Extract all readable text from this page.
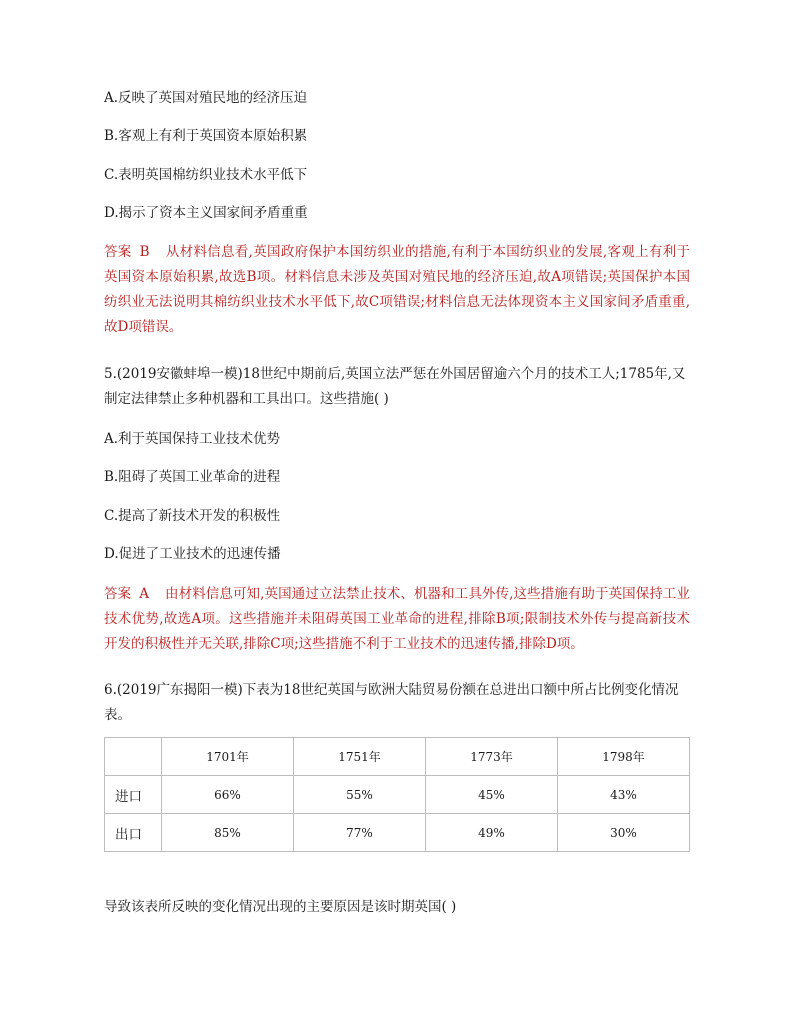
A.反映了英国对殖民地的经济压迫
B.客观上有利于英国资本原始积累
C.表明英国棉纺织业技术水平低下
D.揭示了资本主义国家间矛盾重重
答案 B 从材料信息看,英国政府保护本国纺织业的措施,有利于本国纺织业的发展,客观上有利于英国资本原始积累,故选B项。材料信息未涉及英国对殖民地的经济压迫,故A项错误;英国保护本国纺织业无法说明其棉纺织业技术水平低下,故C项错误;材料信息无法体现资本主义国家间矛盾重重,故D项错误。
5.(2019安徽蚌埠一模)18世纪中期前后,英国立法严惩在外国居留逾六个月的技术工人;1785年,又制定法律禁止多种机器和工具出口。这些措施( )
A.利于英国保持工业技术优势
B.阻碍了英国工业革命的进程
C.提高了新技术开发的积极性
D.促进了工业技术的迅速传播
答案 A 由材料信息可知,英国通过立法禁止技术、机器和工具外传,这些措施有助于英国保持工业技术优势,故选A项。这些措施并未阻碍英国工业革命的进程,排除B项;限制技术外传与提高新技术开发的积极性并无关联,排除C项;这些措施不利于工业技术的迅速传播,排除D项。
6.(2019广东揭阳一模)下表为18世纪英国与欧洲大陆贸易份额在总进出口额中所占比例变化情况表。
	1701年	1751年	1773年	1798年
进口	66%	55%	45%	43%
出口	85%	77%	49%	30%
导致该表所反映的变化情况出现的主要原因是该时期英国( )
